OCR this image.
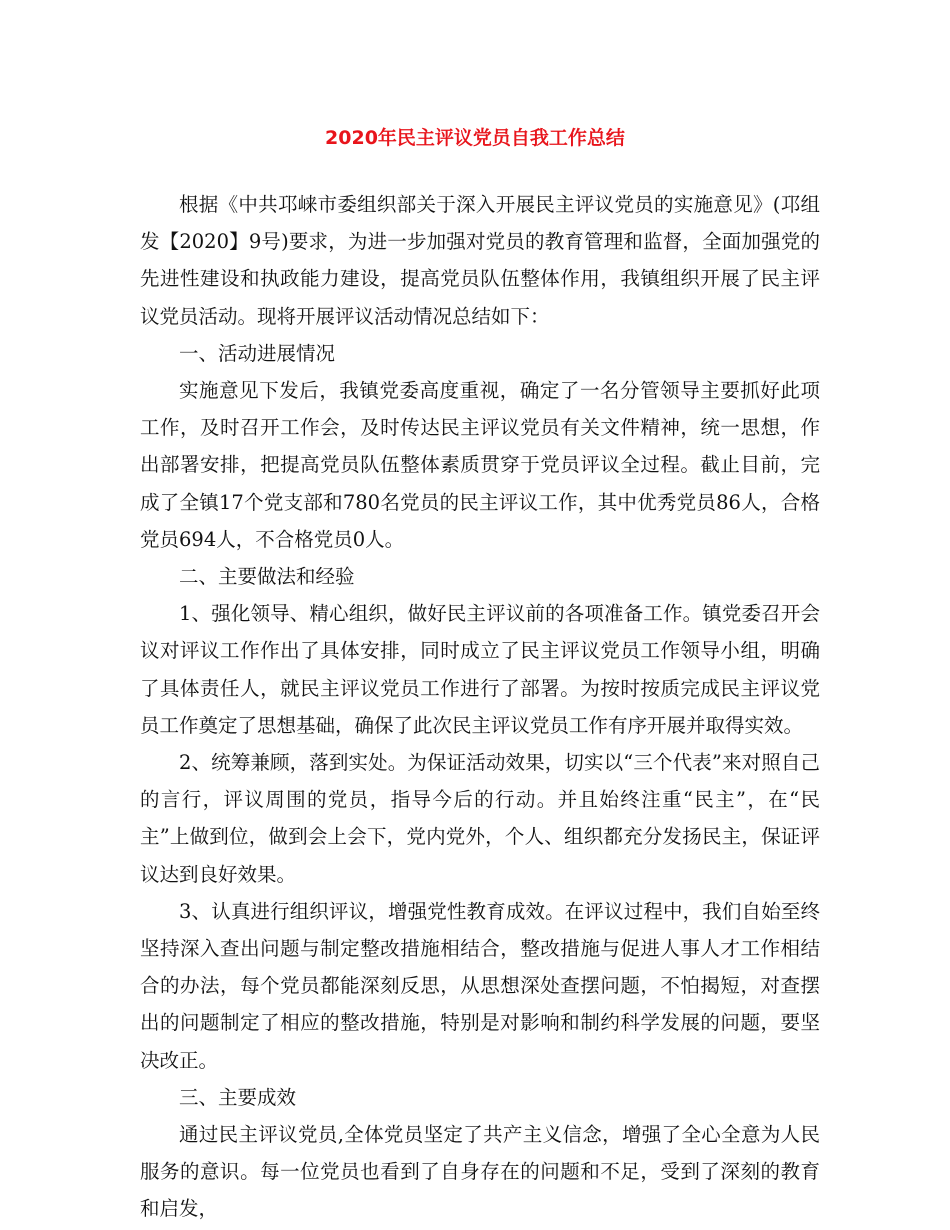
2020年民主评议党员自我工作总结

根据《中共邛崃市委组织部关于深入开展民主评议党员的实施意见》(邛组发【2020】9号)要求，为进一步加强对党员的教育管理和监督，全面加强党的先进性建设和执政能力建设，提高党员队伍整体作用，我镇组织开展了民主评议党员活动。现将开展评议活动情况总结如下：

一、活动进展情况

实施意见下发后，我镇党委高度重视，确定了一名分管领导主要抓好此项工作，及时召开工作会，及时传达民主评议党员有关文件精神，统一思想，作出部署安排，把提高党员队伍整体素质贯穿于党员评议全过程。截止目前，完成了全镇17个党支部和780名党员的民主评议工作，其中优秀党员86人，合格党员694人，不合格党员0人。

二、主要做法和经验

1、强化领导、精心组织，做好民主评议前的各项准备工作。镇党委召开会议对评议工作作出了具体安排，同时成立了民主评议党员工作领导小组，明确了具体责任人，就民主评议党员工作进行了部署。为按时按质完成民主评议党员工作奠定了思想基础，确保了此次民主评议党员工作有序开展并取得实效。

2、统筹兼顾，落到实处。为保证活动效果，切实以“三个代表”来对照自己的言行，评议周围的党员，指导今后的行动。并且始终注重“民主”，在“民主”上做到位，做到会上会下，党内党外，个人、组织都充分发扬民主，保证评议达到良好效果。

3、认真进行组织评议，增强党性教育成效。在评议过程中，我们自始至终坚持深入查出问题与制定整改措施相结合，整改措施与促进人事人才工作相结合的办法，每个党员都能深刻反思，从思想深处查摆问题，不怕揭短，对查摆出的问题制定了相应的整改措施，特别是对影响和制约科学发展的问题，要坚决改正。

三、主要成效

通过民主评议党员,全体党员坚定了共产主义信念，增强了全心全意为人民服务的意识。每一位党员也看到了自身存在的问题和不足，受到了深刻的教育和启发，
